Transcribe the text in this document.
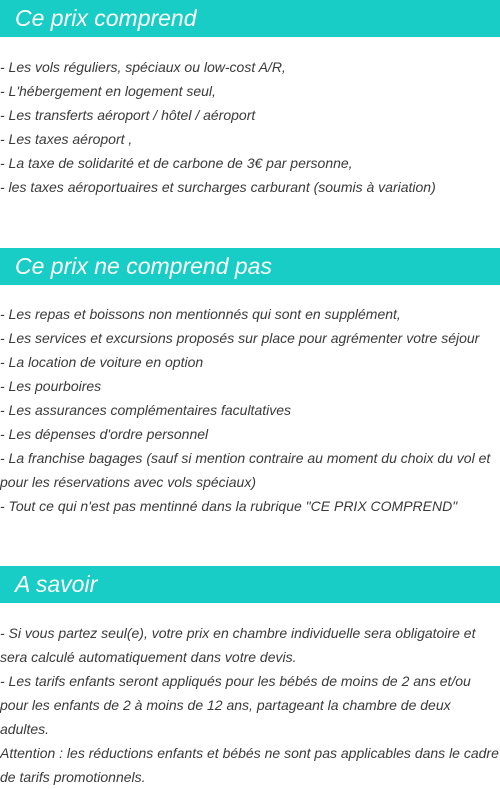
Ce prix comprend
- Les vols réguliers, spéciaux ou low-cost A/R,
- L'hébergement en logement seul,
- Les transferts aéroport / hôtel / aéroport
- Les taxes aéroport ,
- La taxe de solidarité et de carbone de 3€ par personne,
- les taxes aéroportuaires et surcharges carburant (soumis à variation)
Ce prix ne comprend pas
- Les repas et boissons non mentionnés qui sont en supplément,
- Les services et excursions proposés sur place pour agrémenter votre séjour
- La location de voiture en option
- Les pourboires
- Les assurances complémentaires facultatives
- Les dépenses d'ordre personnel
- La franchise bagages (sauf si mention contraire au moment du choix du vol et pour les réservations avec vols spéciaux)
- Tout ce qui n'est pas mentinné dans la rubrique "CE PRIX COMPREND"
A savoir
- Si vous partez seul(e), votre prix en chambre individuelle sera obligatoire et sera calculé automatiquement dans votre devis.
- Les tarifs enfants seront appliqués pour les bébés de moins de 2 ans et/ou pour les enfants de 2 à moins de 12 ans, partageant la chambre de deux adultes.
Attention : les réductions enfants et bébés ne sont pas applicables dans le cadre de tarifs promotionnels.
